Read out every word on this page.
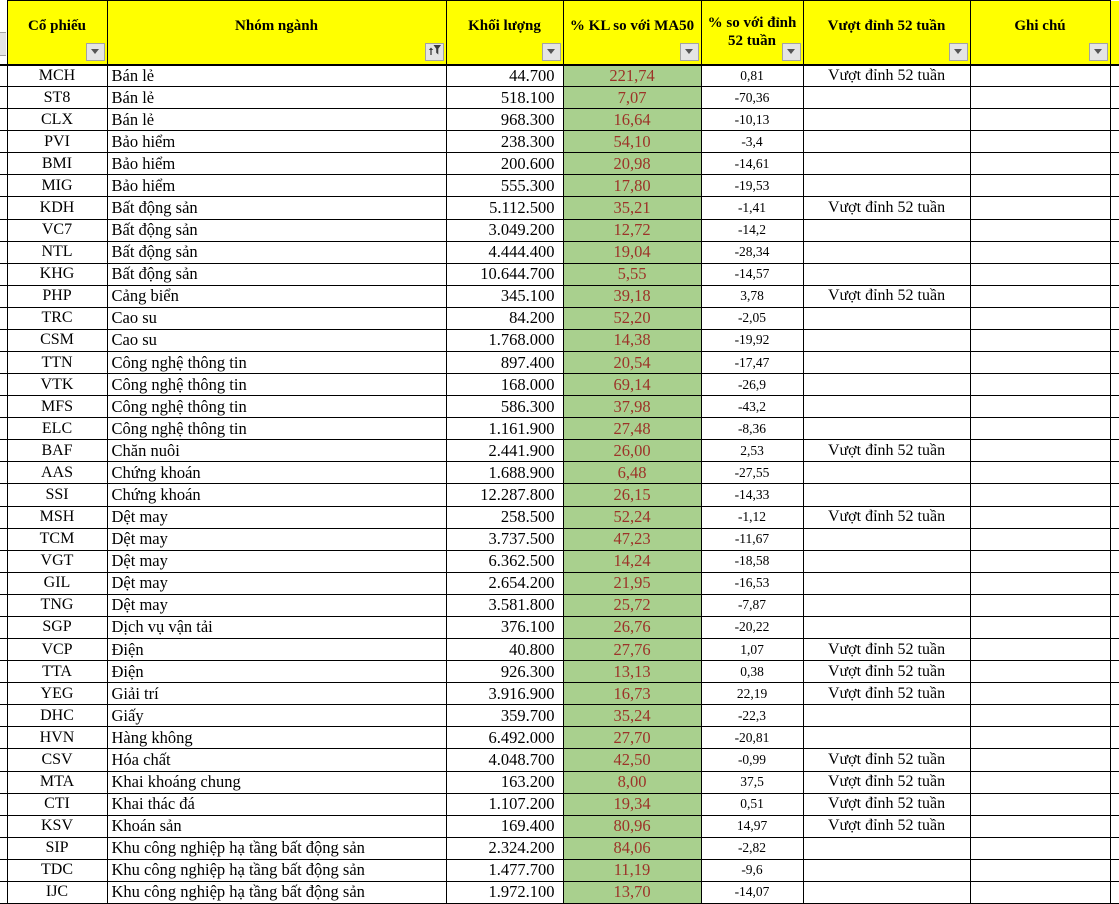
	Cổ phiếu	Nhóm ngành	Khối lượng	% KL so với MA50	% so với đỉnh 52 tuần	Vượt đỉnh 52 tuần	Ghi chú

	MCH	Bán lẻ	44.700	221,74	0,81	Vượt đỉnh 52 tuần		
	ST8	Bán lẻ	518.100	7,07	-70,36			
	CLX	Bán lẻ	968.300	16,64	-10,13			
	PVI	Bảo hiểm	238.300	54,10	-3,4			
	BMI	Bảo hiểm	200.600	20,98	-14,61			
	MIG	Bảo hiểm	555.300	17,80	-19,53			
	KDH	Bất động sản	5.112.500	35,21	-1,41	Vượt đỉnh 52 tuần		
	VC7	Bất động sản	3.049.200	12,72	-14,2			
	NTL	Bất động sản	4.444.400	19,04	-28,34			
	KHG	Bất động sản	10.644.700	5,55	-14,57			
	PHP	Cảng biển	345.100	39,18	3,78	Vượt đỉnh 52 tuần		
	TRC	Cao su	84.200	52,20	-2,05			
	CSM	Cao su	1.768.000	14,38	-19,92			
	TTN	Công nghệ thông tin	897.400	20,54	-17,47			
	VTK	Công nghệ thông tin	168.000	69,14	-26,9			
	MFS	Công nghệ thông tin	586.300	37,98	-43,2			
	ELC	Công nghệ thông tin	1.161.900	27,48	-8,36			
	BAF	Chăn nuôi	2.441.900	26,00	2,53	Vượt đỉnh 52 tuần		
	AAS	Chứng khoán	1.688.900	6,48	-27,55			
	SSI	Chứng khoán	12.287.800	26,15	-14,33			
	MSH	Dệt may	258.500	52,24	-1,12	Vượt đỉnh 52 tuần		
	TCM	Dệt may	3.737.500	47,23	-11,67			
	VGT	Dệt may	6.362.500	14,24	-18,58			
	GIL	Dệt may	2.654.200	21,95	-16,53			
	TNG	Dệt may	3.581.800	25,72	-7,87			
	SGP	Dịch vụ vận tải	376.100	26,76	-20,22			
	VCP	Điện	40.800	27,76	1,07	Vượt đỉnh 52 tuần		
	TTA	Điện	926.300	13,13	0,38	Vượt đỉnh 52 tuần		
	YEG	Giải trí	3.916.900	16,73	22,19	Vượt đỉnh 52 tuần		
	DHC	Giấy	359.700	35,24	-22,3			
	HVN	Hàng không	6.492.000	27,70	-20,81			
	CSV	Hóa chất	4.048.700	42,50	-0,99	Vượt đỉnh 52 tuần		
	MTA	Khai khoáng chung	163.200	8,00	37,5	Vượt đỉnh 52 tuần		
	CTI	Khai thác đá	1.107.200	19,34	0,51	Vượt đỉnh 52 tuần		
	KSV	Khoán sản	169.400	80,96	14,97	Vượt đỉnh 52 tuần		
	SIP	Khu công nghiệp hạ tầng bất động sản	2.324.200	84,06	-2,82			
	TDC	Khu công nghiệp hạ tầng bất động sản	1.477.700	11,19	-9,6			
	IJC	Khu công nghiệp hạ tầng bất động sản	1.972.100	13,70	-14,07			
